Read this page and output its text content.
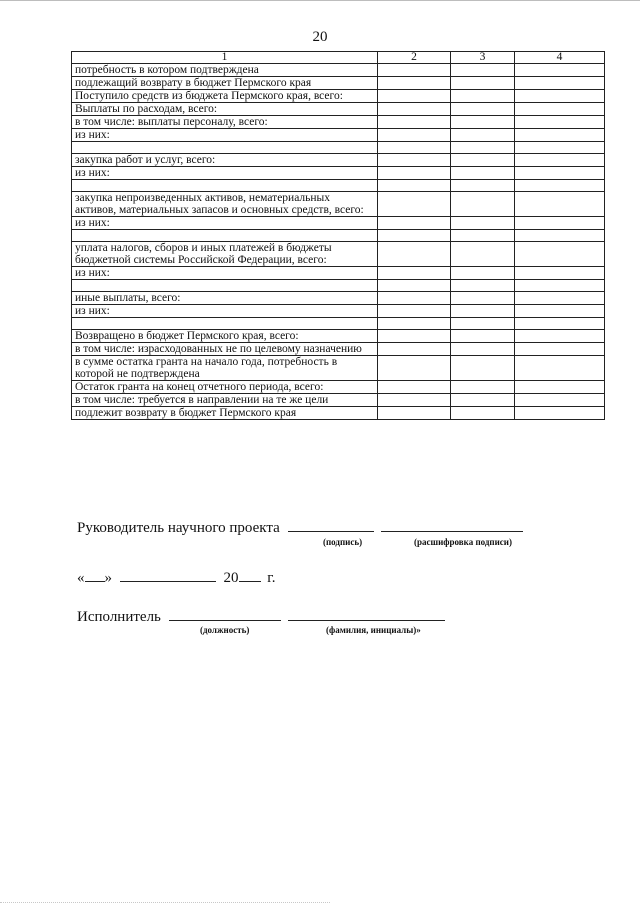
20
1	2	3	4
потребность в котором подтверждена			
подлежащий возврату в бюджет Пермского края			
Поступило средств из бюджета Пермского края, всего:			
Выплаты по расходам, всего:			
в том числе: выплаты персоналу, всего:			
из них:			

закупка работ и услуг, всего:			
из них:			

закупка непроизведенных активов, нематериальных активов, материальных запасов и основных средств, всего:			
из них:			

уплата налогов, сборов и иных платежей в бюджеты бюджетной системы Российской Федерации, всего:			
из них:			

иные выплаты, всего:			
из них:			

Возвращено в бюджет Пермского края, всего:			
в том числе: израсходованных не по целевому назначению			
в сумме остатка гранта на начало года, потребность в которой не подтверждена			
Остаток гранта на конец отчетного периода, всего:			
в том числе: требуется в направлении на те же цели			
подлежит возврату в бюджет Пермского края			
Руководитель научного проекта
(подпись)	(расшифровка подписи)
« »	20 г.
Исполнитель
(должность)	(фамилия, инициалы)»
